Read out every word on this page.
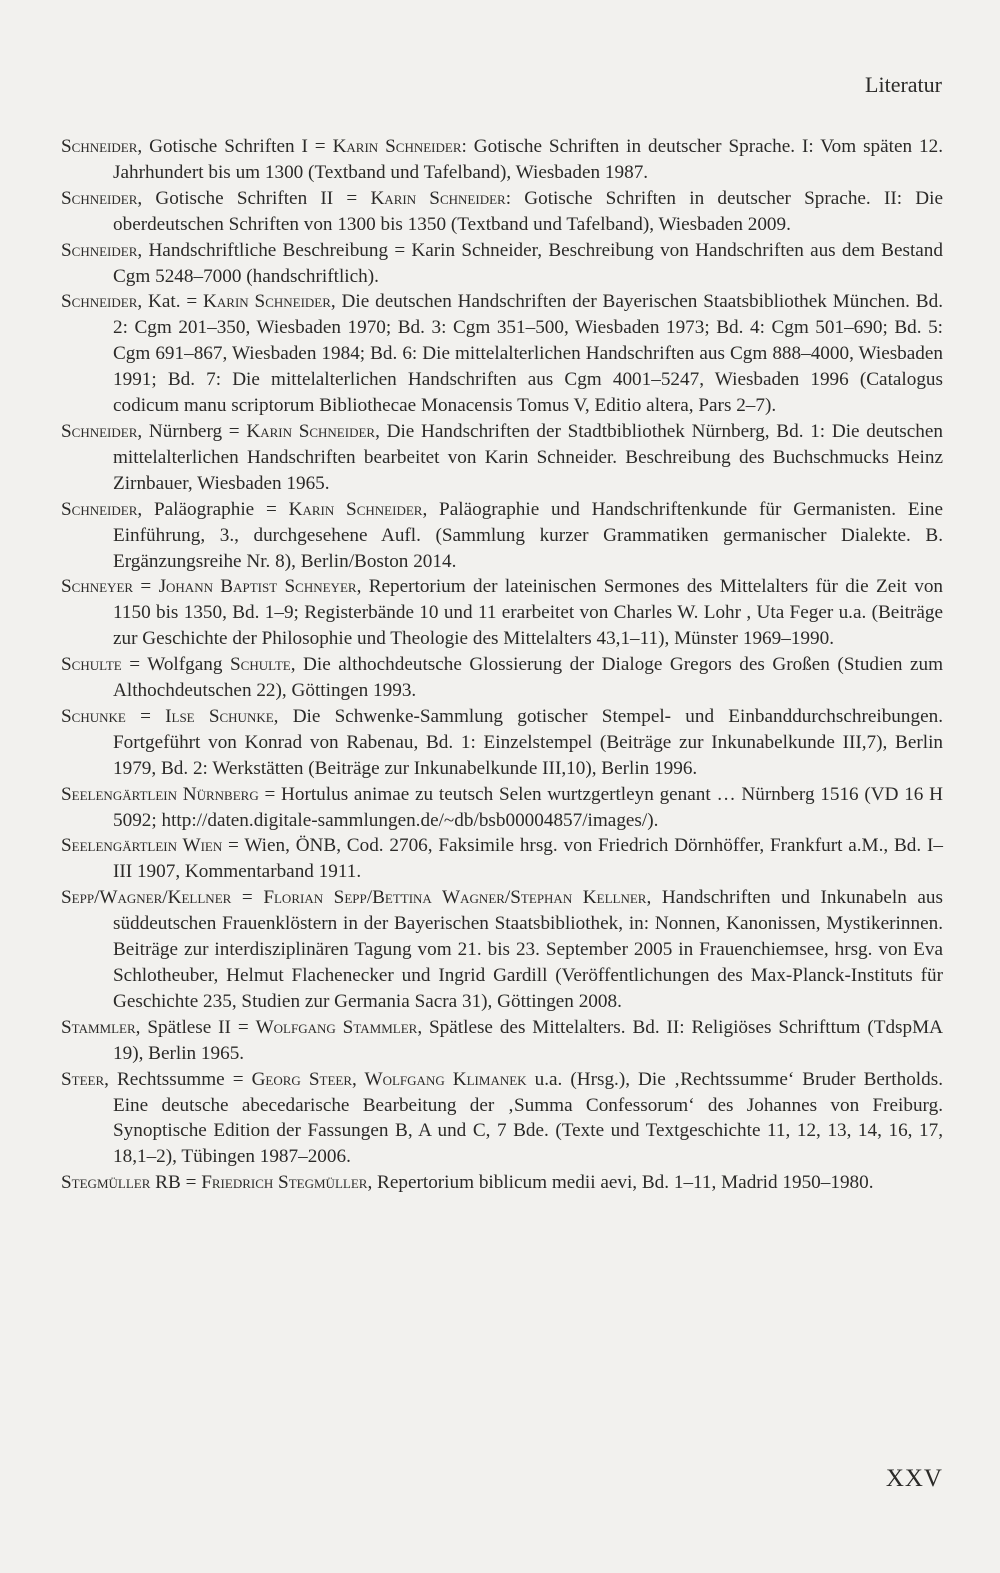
Literatur

Schneider, Gotische Schriften I = Karin Schneider: Gotische Schriften in deutscher Sprache. I: Vom späten 12. Jahrhundert bis um 1300 (Textband und Tafelband), Wiesbaden 1987.

Schneider, Gotische Schriften II = Karin Schneider: Gotische Schriften in deutscher Sprache. II: Die oberdeutschen Schriften von 1300 bis 1350 (Textband und Tafelband), Wiesbaden 2009.

Schneider, Handschriftliche Beschreibung = Karin Schneider, Beschreibung von Handschriften aus dem Bestand Cgm 5248–7000 (handschriftlich).

Schneider, Kat. = Karin Schneider, Die deutschen Handschriften der Bayerischen Staatsbibliothek München. Bd. 2: Cgm 201–350, Wiesbaden 1970; Bd. 3: Cgm 351–500, Wiesbaden 1973; Bd. 4: Cgm 501–690; Bd. 5: Cgm 691–867, Wiesbaden 1984; Bd. 6: Die mittelalterlichen Handschriften aus Cgm 888–4000, Wiesbaden 1991; Bd. 7: Die mittelalterlichen Handschriften aus Cgm 4001–5247, Wiesbaden 1996 (Catalogus codicum manu scriptorum Bibliothecae Monacensis Tomus V, Editio altera, Pars 2–7).

Schneider, Nürnberg = Karin Schneider, Die Handschriften der Stadtbibliothek Nürnberg, Bd. 1: Die deutschen mittelalterlichen Handschriften bearbeitet von Karin Schneider. Beschreibung des Buchschmucks Heinz Zirnbauer, Wiesbaden 1965.

Schneider, Paläographie = Karin Schneider, Paläographie und Handschriftenkunde für Germanisten. Eine Einführung, 3., durchgesehene Aufl. (Sammlung kurzer Grammatiken germanischer Dialekte. B. Ergänzungsreihe Nr. 8), Berlin/Boston 2014.

Schneyer = Johann Baptist Schneyer, Repertorium der lateinischen Sermones des Mittelalters für die Zeit von 1150 bis 1350, Bd. 1–9; Registerbände 10 und 11 erarbeitet von Charles W. Lohr , Uta Feger u.a. (Beiträge zur Geschichte der Philosophie und Theologie des Mittelalters 43,1–11), Münster 1969–1990.

Schulte = Wolfgang Schulte, Die althochdeutsche Glossierung der Dialoge Gregors des Großen (Studien zum Althochdeutschen 22), Göttingen 1993.

Schunke = Ilse Schunke, Die Schwenke-Sammlung gotischer Stempel- und Einbanddurchschreibungen. Fortgeführt von Konrad von Rabenau, Bd. 1: Einzelstempel (Beiträge zur Inkunabelkunde III,7), Berlin 1979, Bd. 2: Werkstätten (Beiträge zur Inkunabelkunde III,10), Berlin 1996.

Seelengärtlein Nürnberg = Hortulus animae zu teutsch Selen wurtzgertleyn genant … Nürnberg 1516 (VD 16 H 5092; http://daten.digitale-sammlungen.de/~db/bsb00004857/images/).

Seelengärtlein Wien = Wien, ÖNB, Cod. 2706, Faksimile hrsg. von Friedrich Dörnhöffer, Frankfurt a.M., Bd. I–III 1907, Kommentarband 1911.

Sepp/Wagner/Kellner = Florian Sepp/Bettina Wagner/Stephan Kellner, Handschriften und Inkunabeln aus süddeutschen Frauenklöstern in der Bayerischen Staatsbibliothek, in: Nonnen, Kanonissen, Mystikerinnen. Beiträge zur interdisziplinären Tagung vom 21. bis 23. September 2005 in Frauenchiemsee, hrsg. von Eva Schlotheuber, Helmut Flachenecker und Ingrid Gardill (Veröffentlichungen des Max-Planck-Instituts für Geschichte 235, Studien zur Germania Sacra 31), Göttingen 2008.

Stammler, Spätlese II = Wolfgang Stammler, Spätlese des Mittelalters. Bd. II: Religiöses Schrifttum (TdspMA 19), Berlin 1965.

Steer, Rechtssumme = Georg Steer, Wolfgang Klimanek u.a. (Hrsg.), Die ‚Rechtssumme‘ Bruder Bertholds. Eine deutsche abecedarische Bearbeitung der ‚Summa Confessorum‘ des Johannes von Freiburg. Synoptische Edition der Fassungen B, A und C, 7 Bde. (Texte und Textgeschichte 11, 12, 13, 14, 16, 17, 18,1–2), Tübingen 1987–2006.

Stegmüller RB = Friedrich Stegmüller, Repertorium biblicum medii aevi, Bd. 1–11, Madrid 1950–1980.

XXV
